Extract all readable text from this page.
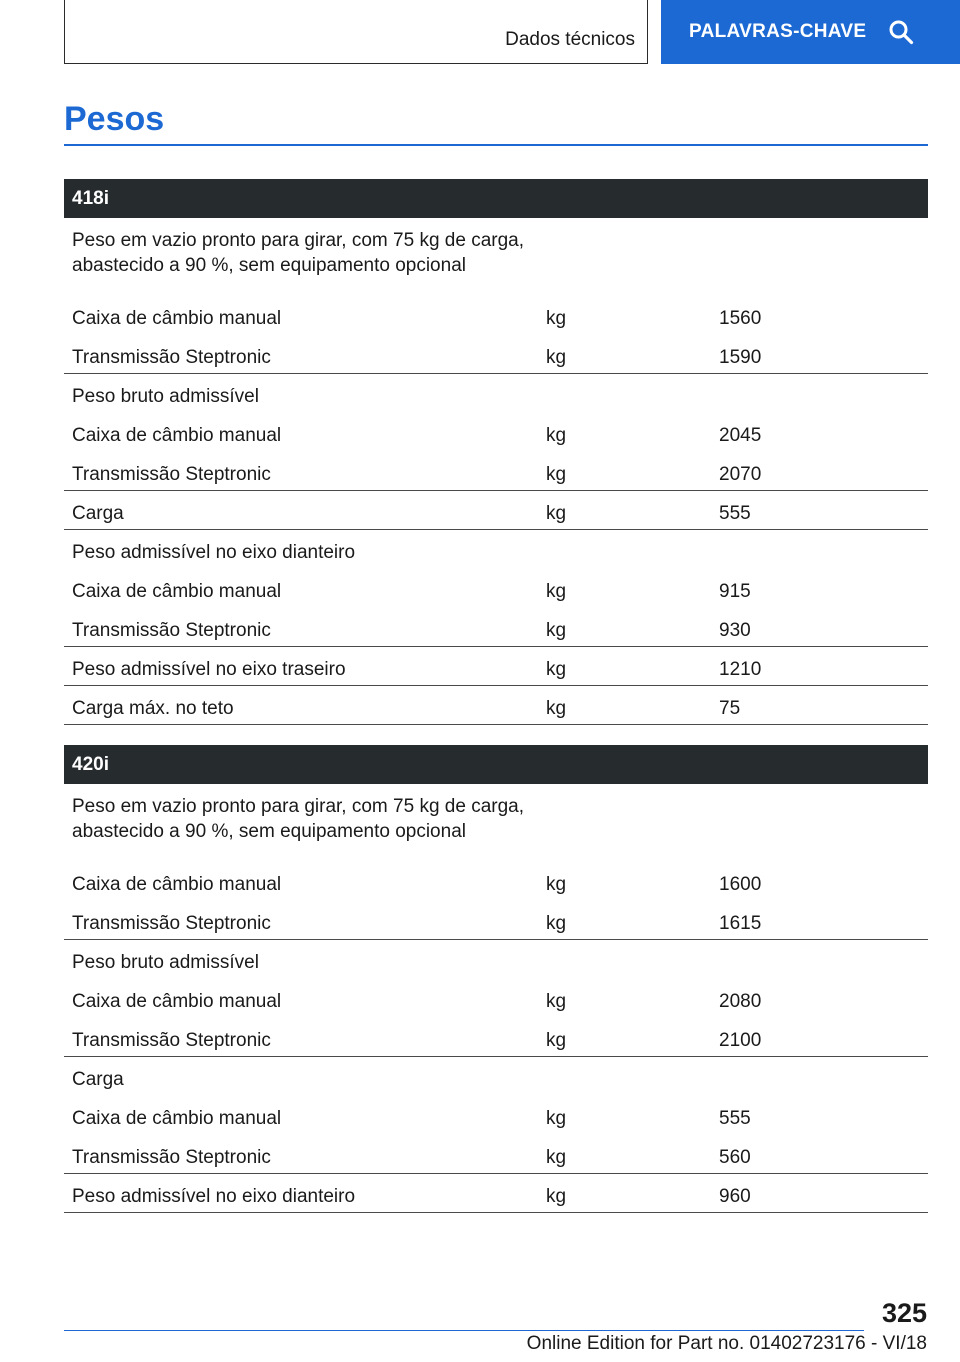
Dados técnicos	PALAVRAS-CHAVE
Pesos
418i
Peso em vazio pronto para girar, com 75 kg de carga,
abastecido a 90 %, sem equipamento opcional
Caixa de câmbio manual	kg	1560
Transmissão Steptronic	kg	1590
Peso bruto admissível
Caixa de câmbio manual	kg	2045
Transmissão Steptronic	kg	2070
Carga	kg	555
Peso admissível no eixo dianteiro
Caixa de câmbio manual	kg	915
Transmissão Steptronic	kg	930
Peso admissível no eixo traseiro	kg	1210
Carga máx. no teto	kg	75
420i
Peso em vazio pronto para girar, com 75 kg de carga,
abastecido a 90 %, sem equipamento opcional
Caixa de câmbio manual	kg	1600
Transmissão Steptronic	kg	1615
Peso bruto admissível
Caixa de câmbio manual	kg	2080
Transmissão Steptronic	kg	2100
Carga
Caixa de câmbio manual	kg	555
Transmissão Steptronic	kg	560
Peso admissível no eixo dianteiro	kg	960
325
Online Edition for Part no. 01402723176 - VI/18
